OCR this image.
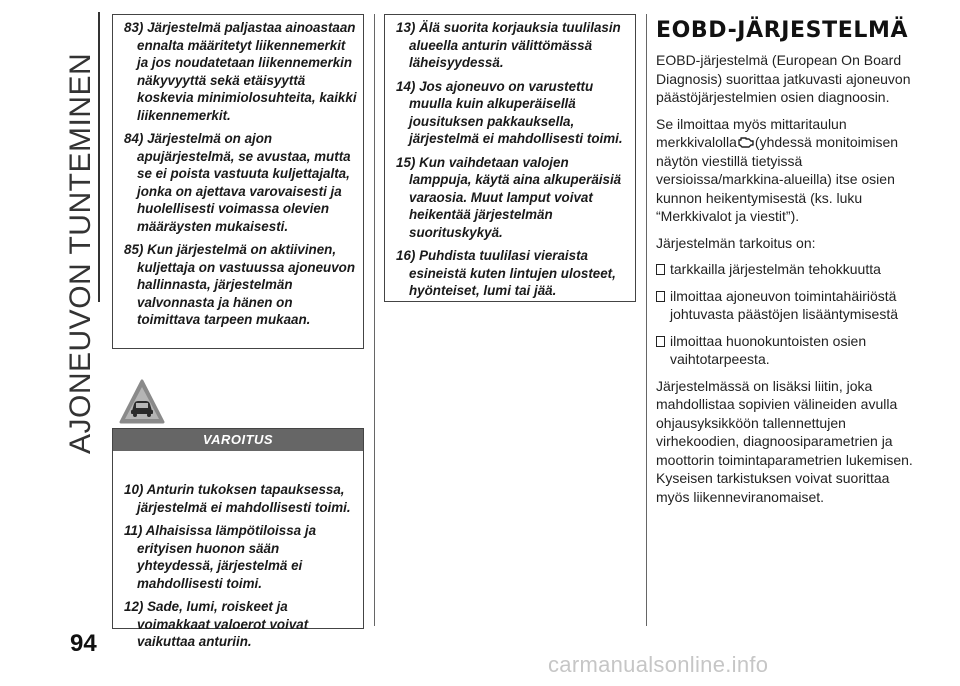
AJONEUVON TUNTEMINEN
94

83) Järjestelmä paljastaa ainoastaan ennalta määritetyt liikennemerkit ja jos noudatetaan liikennemerkin näkyvyyttä sekä etäisyyttä koskevia minimiolosuhteita, kaikki liikennemerkit.

84) Järjestelmä on ajon apujärjestelmä, se avustaa, mutta se ei poista vastuuta kuljettajalta, jonka on ajettava varovaisesti ja huolellisesti voimassa olevien määräysten mukaisesti.

85) Kun järjestelmä on aktiivinen, kuljettaja on vastuussa ajoneuvon hallinnasta, järjestelmän valvonnasta ja hänen on toimittava tarpeen mukaan.

13) Älä suorita korjauksia tuulilasin alueella anturin välittömässä läheisyydessä.

14) Jos ajoneuvo on varustettu muulla kuin alkuperäisellä jousituksen pakkauksella, järjestelmä ei mahdollisesti toimi.

15) Kun vaihdetaan valojen lamppuja, käytä aina alkuperäisiä varaosia. Muut lamput voivat heikentää järjestelmän suorituskykyä.

16) Puhdista tuulilasi vieraista esineistä kuten lintujen ulosteet, hyönteiset, lumi tai jää.

VAROITUS

10) Anturin tukoksen tapauksessa, järjestelmä ei mahdollisesti toimi.

11) Alhaisissa lämpötiloissa ja erityisen huonon sään yhteydessä, järjestelmä ei mahdollisesti toimi.

12) Sade, lumi, roiskeet ja voimakkaat valoerot voivat vaikuttaa anturiin.

EOBD-JÄRJESTELMÄ

EOBD-järjestelmä (European On Board Diagnosis) suorittaa jatkuvasti ajoneuvon päästöjärjestelmien osien diagnoosin.

Se ilmoittaa myös mittaritaulun merkkivalolla (yhdessä monitoimisen näytön viestillä tietyissä versioissa/markkina-alueilla) itse osien kunnon heikentymisestä (ks. luku “Merkkivalot ja viestit”).

Järjestelmän tarkoitus on:

tarkkailla järjestelmän tehokkuutta

ilmoittaa ajoneuvon toimintahäiriöstä johtuvasta päästöjen lisääntymisestä

ilmoittaa huonokuntoisten osien vaihtotarpeesta.

Järjestelmässä on lisäksi liitin, joka mahdollistaa sopivien välineiden avulla ohjausyksikköön tallennettujen virhekoodien, diagnoosiparametrien ja moottorin toimintaparametrien lukemisen. Kyseisen tarkistuksen voivat suorittaa myös liikenneviranomaiset.

carmanualsonline.info
